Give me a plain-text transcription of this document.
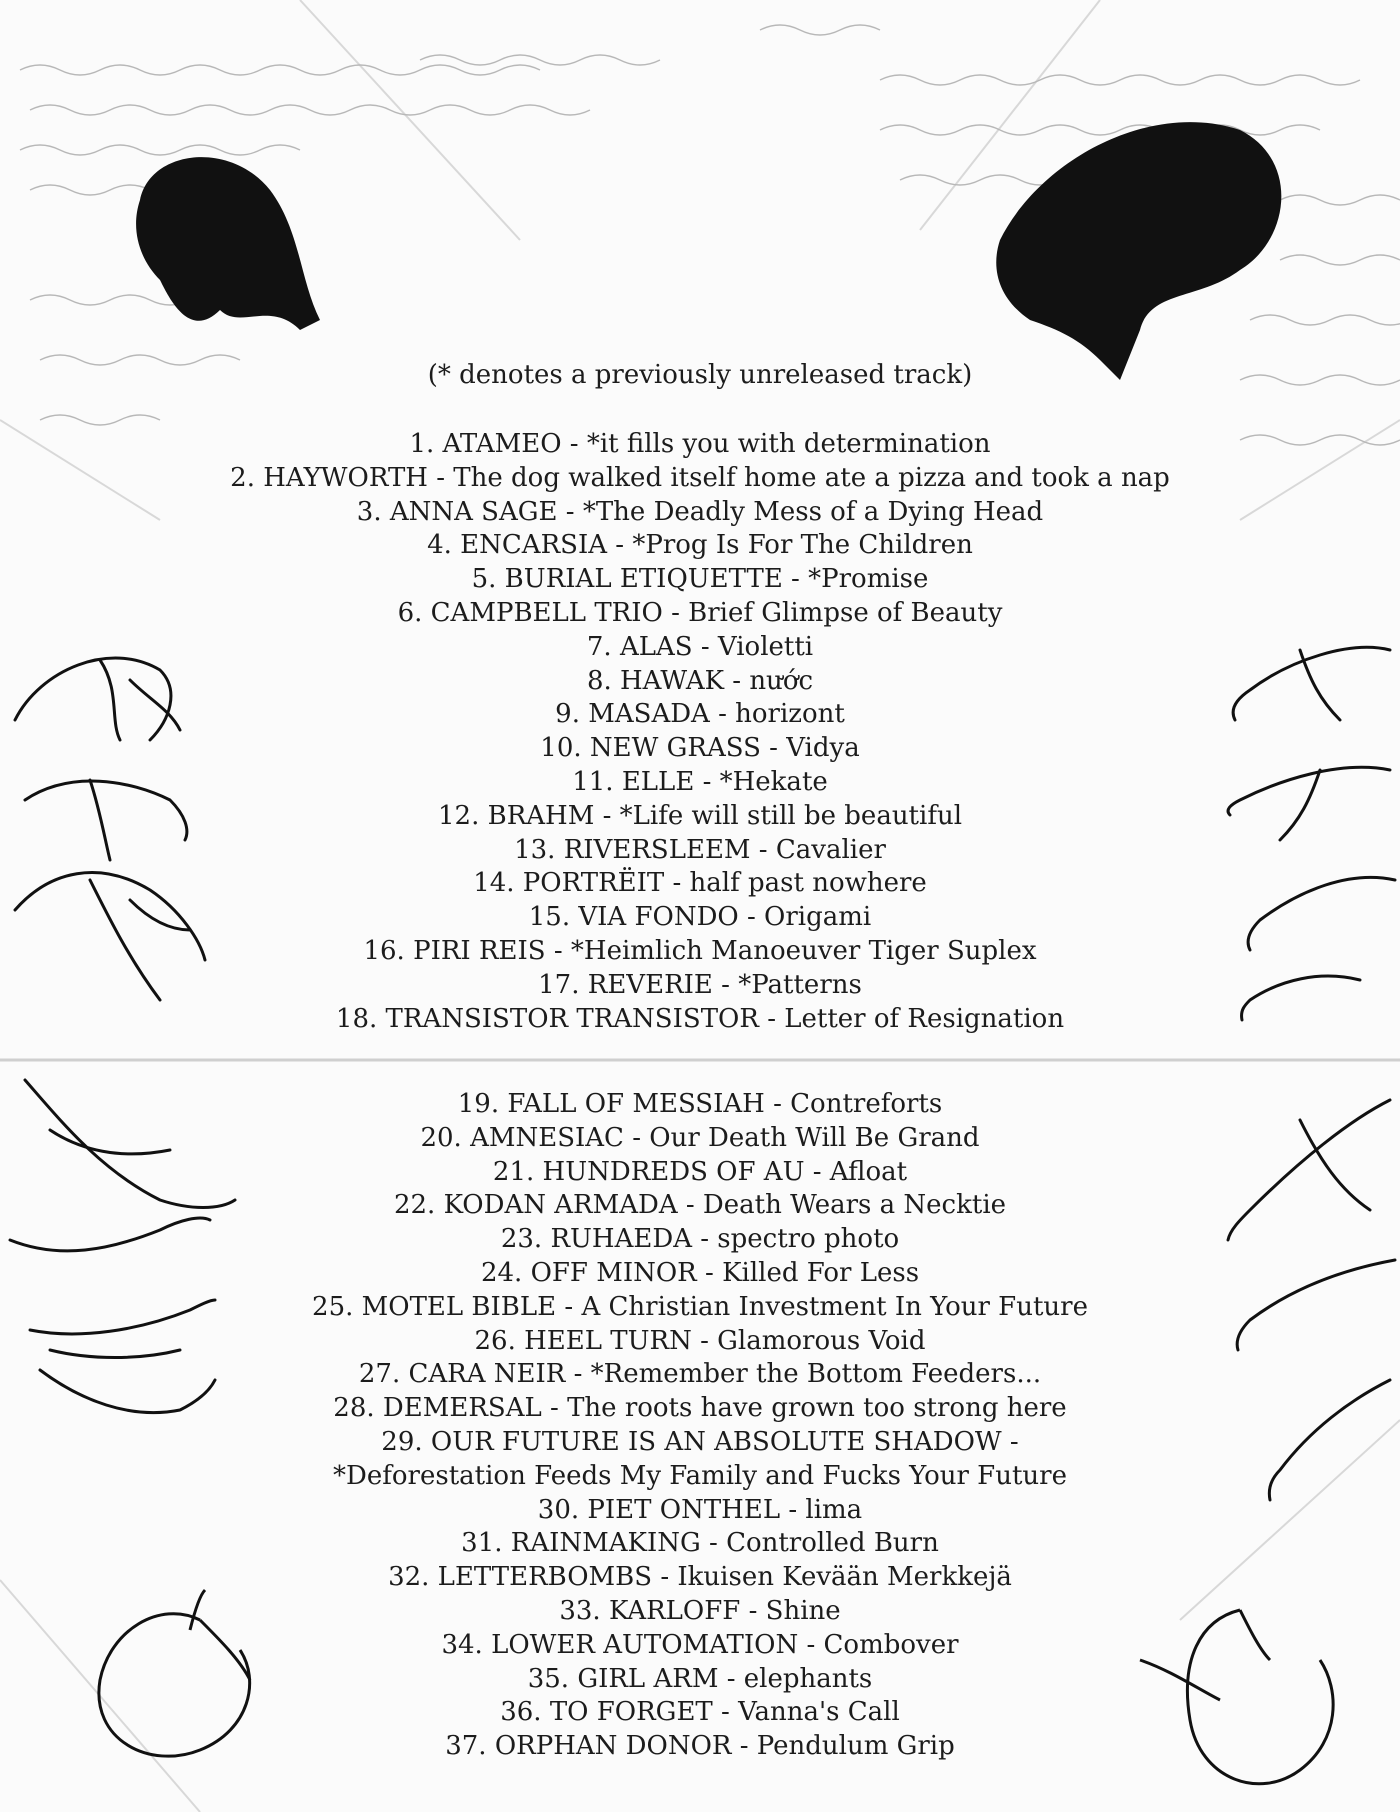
(* denotes a previously unreleased track)
1. ATAMEO - *it fills you with determination
2. HAYWORTH - The dog walked itself home ate a pizza and took a nap
3. ANNA SAGE - *The Deadly Mess of a Dying Head
4. ENCARSIA - *Prog Is For The Children
5. BURIAL ETIQUETTE - *Promise
6. CAMPBELL TRIO - Brief Glimpse of Beauty
7. ALAS - Violetti
8. HAWAK - nước
9. MASADA - horizont
10. NEW GRASS - Vidya
11. ELLE - *Hekate
12. BRAHM - *Life will still be beautiful
13. RIVERSLEEM - Cavalier
14. PORTRËIT - half past nowhere
15. VIA FONDO - Origami
16. PIRI REIS - *Heimlich Manoeuver Tiger Suplex
17. REVERIE - *Patterns
18. TRANSISTOR TRANSISTOR - Letter of Resignation
19. FALL OF MESSIAH - Contreforts
20. AMNESIAC - Our Death Will Be Grand
21. HUNDREDS OF AU - Afloat
22. KODAN ARMADA - Death Wears a Necktie
23. RUHAEDA - spectro photo
24. OFF MINOR - Killed For Less
25. MOTEL BIBLE - A Christian Investment In Your Future
26. HEEL TURN - Glamorous Void
27. CARA NEIR - *Remember the Bottom Feeders...
28. DEMERSAL - The roots have grown too strong here
29. OUR FUTURE IS AN ABSOLUTE SHADOW -
*Deforestation Feeds My Family and Fucks Your Future
30. PIET ONTHEL - lima
31. RAINMAKING - Controlled Burn
32. LETTERBOMBS - Ikuisen Kevään Merkkejä
33. KARLOFF - Shine
34. LOWER AUTOMATION - Combover
35. GIRL ARM - elephants
36. TO FORGET - Vanna's Call
37. ORPHAN DONOR - Pendulum Grip
